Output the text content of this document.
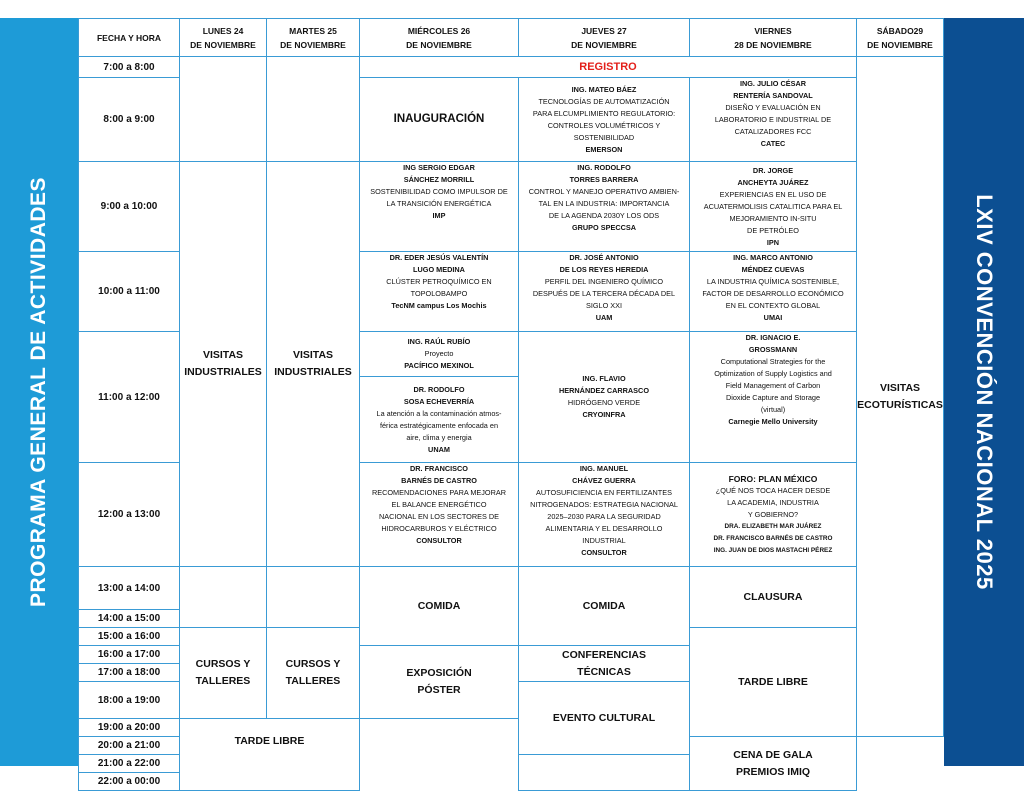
PROGRAMA GENERAL DE ACTIVIDADES	LXIV CONVENCIÓN NACIONAL 2025
FECHA Y HORA
LUNES 24
DE NOVIEMBRE
MARTES 25
DE NOVIEMBRE
MIÉRCOLES 26
DE NOVIEMBRE
JUEVES 27
DE NOVIEMBRE
VIERNES
28 DE NOVIEMBRE
SÁBADO29
DE NOVIEMBRE
7:00 a 8:00
8:00 a 9:00
9:00 a 10:00
10:00 a 11:00
11:00 a 12:00
12:00 a 13:00
13:00 a 14:00
14:00 a 15:00
15:00 a 16:00
16:00 a 17:00
17:00 a 18:00
18:00 a 19:00
19:00 a 20:00
20:00 a 21:00
21:00 a 22:00
22:00 a 00:00
VISITAS
INDUSTRIALES
CURSOS Y
TALLERES
VISITAS
INDUSTRIALES
CURSOS Y
TALLERES
TARDE LIBRE
REGISTRO
INAUGURACIÓN
ING SERGIO EDGAR
SÁNCHEZ MORRILL
SOSTENIBILIDAD COMO IMPULSOR DE
LA TRANSICIÓN ENERGÉTICA
IMP
DR. EDER JESÚS VALENTÍN
LUGO MEDINA
CLÚSTER PETROQUÍMICO EN
TOPOLOBAMPO
TecNM campus Los Mochis
ING. RAÚL RUBÍO
Proyecto
PACÍFICO MEXINOL
DR. RODOLFO
SOSA ECHEVERRÍA
La atención a la contaminación atmos-
férica estratégicamente enfocada en
aire, clima y energia
UNAM
DR. FRANCISCO
BARNÉS DE CASTRO
RECOMENDACIONES PARA MEJORAR
EL BALANCE ENERGÉTICO
NACIONAL EN LOS SECTORES DE
HIDROCARBUROS Y ELÉCTRICO
CONSULTOR
COMIDA
EXPOSICIÓN
PÓSTER
ING. MATEO BÁEZ
TECNOLOGÍAS DE AUTOMATIZACIÓN
PARA ELCUMPLIMIENTO REGULATORIO:
CONTROLES VOLUMÉTRICOS Y
SOSTENIBILIDAD
EMERSON
ING. RODOLFO
TORRES BARRERA
CONTROL Y MANEJO OPERATIVO AMBIEN-
TAL EN LA INDUSTRIA: IMPORTANCIA
DE LA AGENDA 2030Y LOS ODS
GRUPO SPECCSA
DR. JOSÉ ANTONIO
DE LOS REYES HEREDIA
PERFIL DEL INGENIERO QUÍMICO
DESPUÉS DE LA TERCERA DÉCADA DEL
SIGLO XXI
UAM
ING. FLAVIO
HERNÁNDEZ CARRASCO
HIDRÓGENO VERDE
CRYOINFRA
ING. MANUEL
CHÁVEZ GUERRA
AUTOSUFICIENCIA EN FERTILIZANTES
NITROGENADOS: ESTRATEGIA NACIONAL
2025–2030 PARA LA SEGURIDAD
ALIMENTARIA Y EL DESARROLLO
INDUSTRIAL
CONSULTOR
COMIDA
CONFERENCIAS
TÉCNICAS
EVENTO CULTURAL
ING. JULIO CÉSAR
RENTERÍA SANDOVAL
DISEÑO Y EVALUACIÓN EN
LABORATORIO E INDUSTRIAL DE
CATALIZADORES FCC
CATEC
DR. JORGE
ANCHEYTA JUÁREZ
EXPERIENCIAS EN EL USO DE
ACUATERMOLISIS CATALITICA PARA EL
MEJORAMIENTO IN-SITU
DE PETRÓLEO
IPN
ING. MARCO ANTONIO
MÉNDEZ CUEVAS
LA INDUSTRIA QUÍMICA SOSTENIBLE,
FACTOR DE DESARROLLO ECONÓMICO
EN EL CONTEXTO GLOBAL
UMAI
DR. IGNACIO E.
GROSSMANN
Computational Strategies for the
Optimization of Supply Logistics and
Field Management of Carbon
Dioxide Capture and Storage
(virtual)
Carnegie Mello University
FORO: PLAN MÉXICO
¿QUÉ NOS TOCA HACER DESDE
LA ACADEMIA, INDUSTRIA
Y GOBIERNO?
DRA. ELIZABETH MAR JUÁREZ
DR. FRANCISCO BARNÉS DE CASTRO
ING. JUAN DE DIOS MASTACHI PÉREZ
CLAUSURA
TARDE LIBRE
CENA DE GALA
PREMIOS IMIQ
VISITAS
ECOTURÍSTICAS
